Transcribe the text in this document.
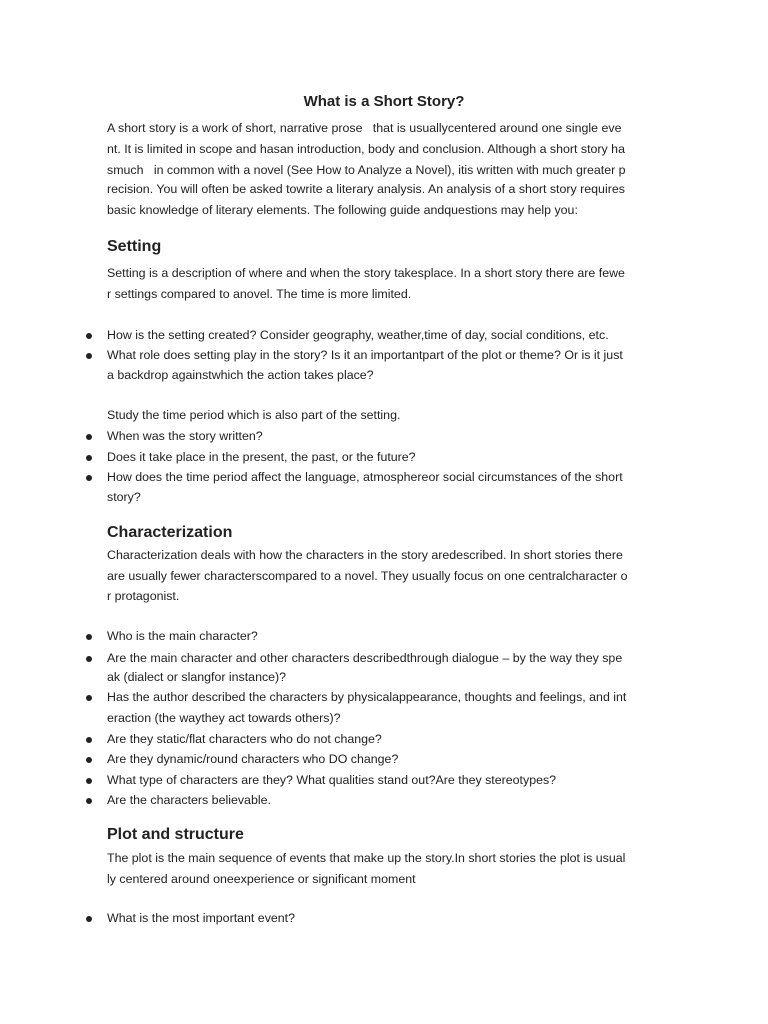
What is a Short Story?

A short story is a work of short, narrative prose   that is usuallycentered around one single eve

nt. It is limited in scope and hasan introduction, body and conclusion. Although a short story ha

smuch   in common with a novel (See How to Analyze a Novel), itis written with much greater p

recision. You will often be asked towrite a literary analysis. An analysis of a short story requires

basic knowledge of literary elements. The following guide andquestions may help you:

Setting

Setting is a description of where and when the story takesplace. In a short story there are fewe

r settings compared to anovel. The time is more limited.

How is the setting created? Consider geography, weather,time of day, social conditions, etc.

What role does setting play in the story? Is it an importantpart of the plot or theme? Or is it just

a backdrop againstwhich the action takes place?

Study the time period which is also part of the setting.

When was the story written?

Does it take place in the present, the past, or the future?

How does the time period affect the language, atmosphereor social circumstances of the short

story?

Characterization

Characterization deals with how the characters in the story aredescribed. In short stories there

are usually fewer characterscompared to a novel. They usually focus on one centralcharacter o

r protagonist.

Who is the main character?

Are the main character and other characters describedthrough dialogue – by the way they spe

ak (dialect or slangfor instance)?

Has the author described the characters by physicalappearance, thoughts and feelings, and int

eraction (the waythey act towards others)?

Are they static/flat characters who do not change?

Are they dynamic/round characters who DO change?

What type of characters are they? What qualities stand out?Are they stereotypes?

Are the characters believable.

Plot and structure

The plot is the main sequence of events that make up the story.In short stories the plot is usual

ly centered around oneexperience or significant moment

What is the most important event?
